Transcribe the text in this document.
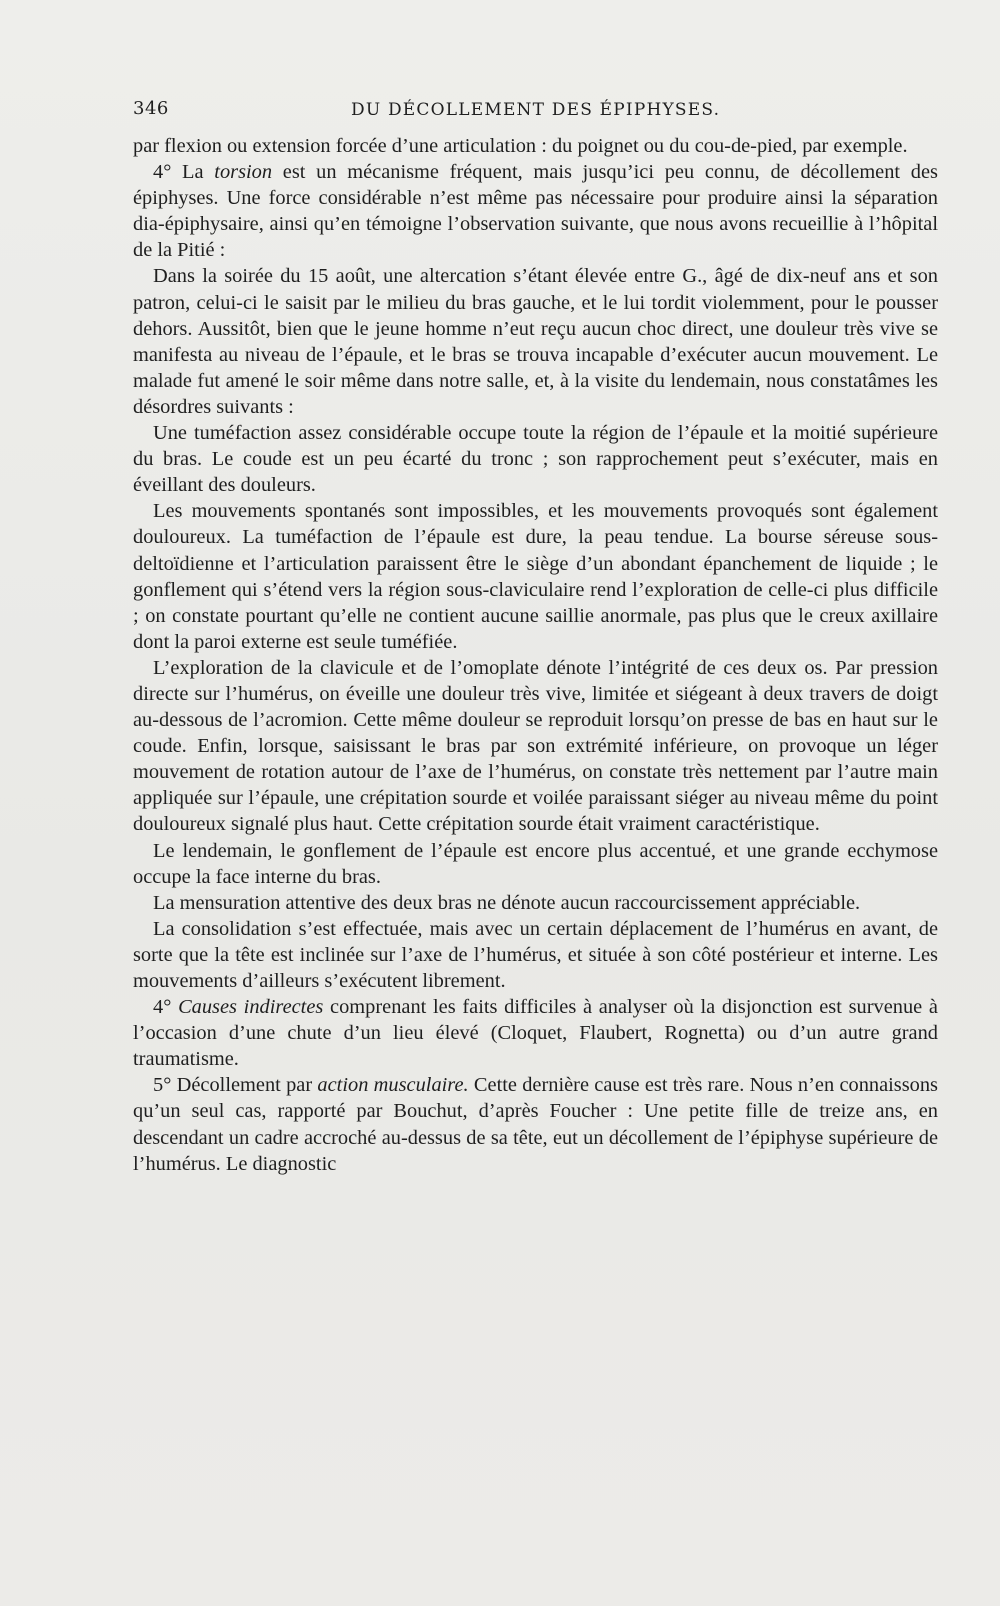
346	DU DÉCOLLEMENT DES ÉPIPHYSES.

par flexion ou extension forcée d’une articulation : du poignet ou du cou-de-pied, par exemple.

4° La torsion est un mécanisme fréquent, mais jusqu’ici peu connu, de décollement des épiphyses. Une force considérable n’est même pas nécessaire pour produire ainsi la séparation dia-épiphysaire, ainsi qu’en témoigne l’observation suivante, que nous avons recueillie à l’hôpital de la Pitié :

Dans la soirée du 15 août, une altercation s’étant élevée entre G., âgé de dix-neuf ans et son patron, celui-ci le saisit par le milieu du bras gauche, et le lui tordit violemment, pour le pousser dehors. Aussitôt, bien que le jeune homme n’eut reçu aucun choc direct, une douleur très vive se manifesta au niveau de l’épaule, et le bras se trouva incapable d’exécuter aucun mouvement. Le malade fut amené le soir même dans notre salle, et, à la visite du lendemain, nous constatâmes les désordres suivants :

Une tuméfaction assez considérable occupe toute la région de l’épaule et la moitié supérieure du bras. Le coude est un peu écarté du tronc ; son rapprochement peut s’exécuter, mais en éveillant des douleurs.

Les mouvements spontanés sont impossibles, et les mouvements provoqués sont également douloureux. La tuméfaction de l’épaule est dure, la peau tendue. La bourse séreuse sous-deltoïdienne et l’articulation paraissent être le siège d’un abondant épanchement de liquide ; le gonflement qui s’étend vers la région sous-claviculaire rend l’exploration de celle-ci plus difficile ; on constate pourtant qu’elle ne contient aucune saillie anormale, pas plus que le creux axillaire dont la paroi externe est seule tuméfiée.

L’exploration de la clavicule et de l’omoplate dénote l’intégrité de ces deux os. Par pression directe sur l’humérus, on éveille une douleur très vive, limitée et siégeant à deux travers de doigt au-dessous de l’acromion. Cette même douleur se reproduit lorsqu’on presse de bas en haut sur le coude. Enfin, lorsque, saisissant le bras par son extrémité inférieure, on provoque un léger mouvement de rotation autour de l’axe de l’humérus, on constate très nettement par l’autre main appliquée sur l’épaule, une crépitation sourde et voilée paraissant siéger au niveau même du point douloureux signalé plus haut. Cette crépitation sourde était vraiment caractéristique.

Le lendemain, le gonflement de l’épaule est encore plus accentué, et une grande ecchymose occupe la face interne du bras.

La mensuration attentive des deux bras ne dénote aucun raccourcissement appréciable.

La consolidation s’est effectuée, mais avec un certain déplacement de l’humérus en avant, de sorte que la tête est inclinée sur l’axe de l’humérus, et située à son côté postérieur et interne. Les mouvements d’ailleurs s’exécutent librement.

4° Causes indirectes comprenant les faits difficiles à analyser où la disjonction est survenue à l’occasion d’une chute d’un lieu élevé (Cloquet, Flaubert, Rognetta) ou d’un autre grand traumatisme.

5° Décollement par action musculaire. Cette dernière cause est très rare. Nous n’en connaissons qu’un seul cas, rapporté par Bouchut, d’après Foucher : Une petite fille de treize ans, en descendant un cadre accroché au-dessus de sa tête, eut un décollement de l’épiphyse supérieure de l’humérus. Le diagnostic
